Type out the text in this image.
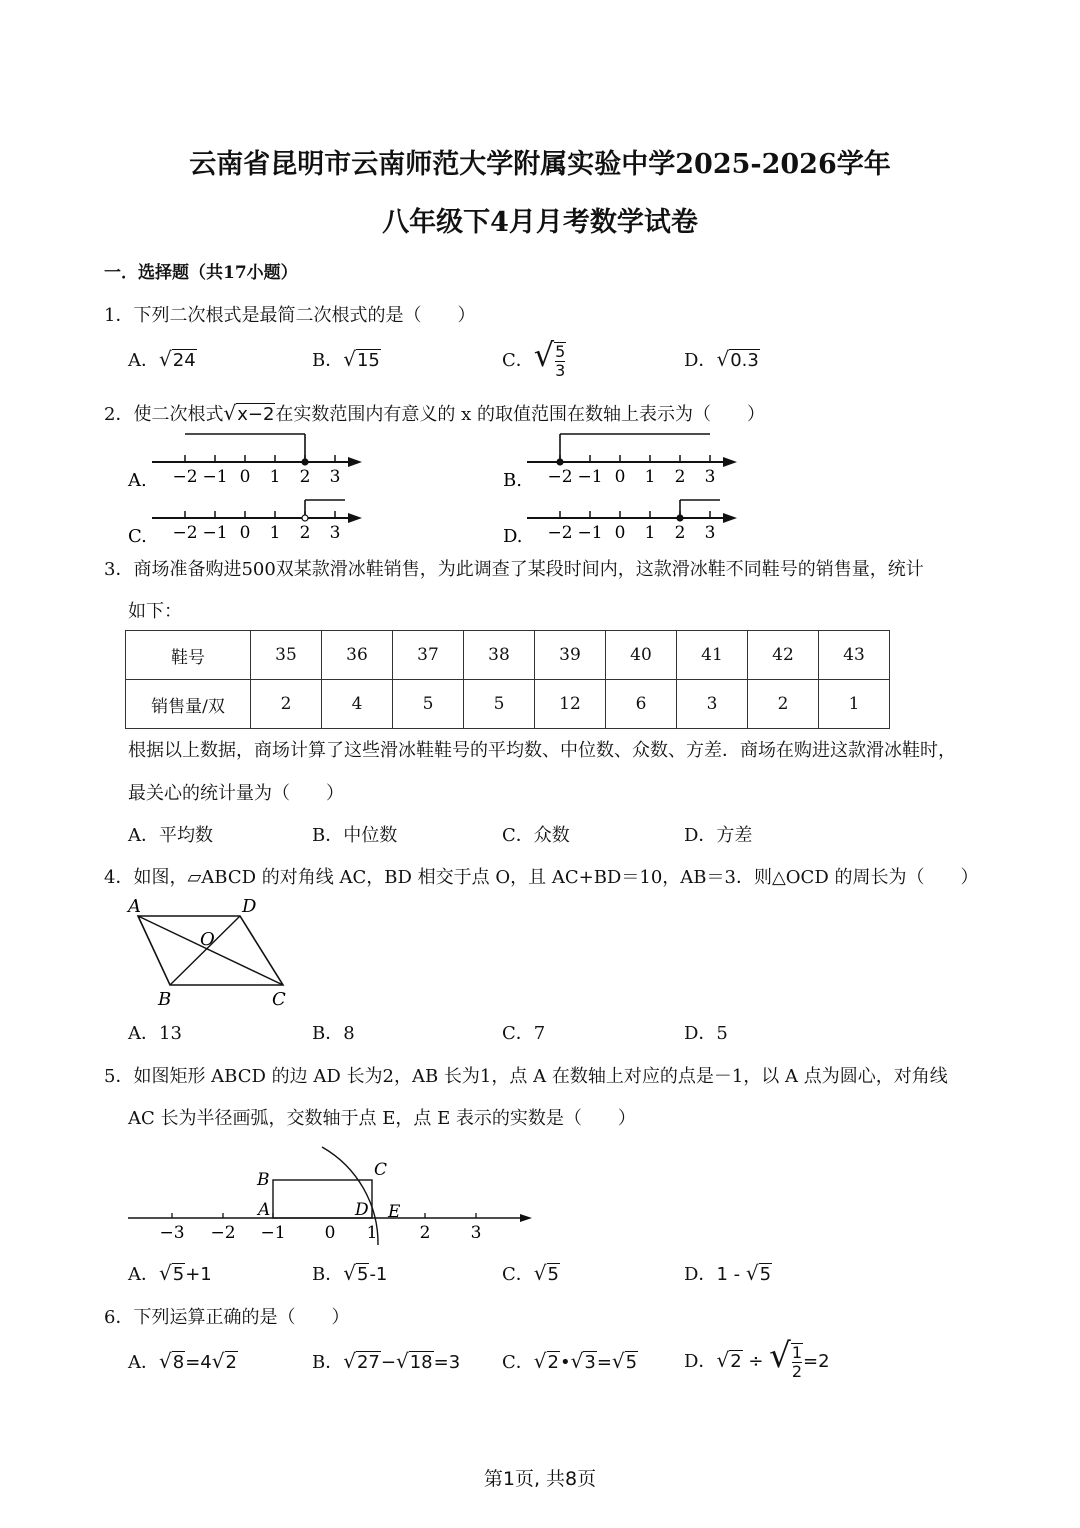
云南省昆明市云南师范大学附属实验中学2025-2026学年
八年级下4月月考数学试卷
一．选择题（共17小题）
1．下列二次根式是最简二次根式的是（　　）
A．√24	B．√15	C．√ $\frac{5}{3}$	D．√0.3
2．使二次根式√x−2在实数范围内有意义的 x 的取值范围在数轴上表示为（　　）
A. −2 −1 0 1 2 3	B. −2 −1 0 1 2 3
C. −2 −1 0 1 2 3	D. −2 −1 0 1 2 3
3．商场准备购进500双某款滑冰鞋销售，为此调查了某段时间内，这款滑冰鞋不同鞋号的销售量，统计
如下：
鞋号	35	36	37	38	39	40	41	42	43
销售量/双	2	4	5	5	12	6	3	2	1
根据以上数据，商场计算了这些滑冰鞋鞋号的平均数、中位数、众数、方差．商场在购进这款滑冰鞋时，
最关心的统计量为（　　）
A．平均数	B．中位数	C．众数	D．方差
4．如图，▱ABCD 的对角线 AC，BD 相交于点 O，且 AC+BD＝10，AB＝3．则△OCD 的周长为（　　）
A	D
O
B	C
A．13	B．8	C．7	D．5
5．如图矩形 ABCD 的边 AD 长为2，AB 长为1，点 A 在数轴上对应的点是－1，以 A 点为圆心，对角线
AC 长为半径画弧，交数轴于点 E，点 E 表示的实数是（　　）
B
A
C
D E
−3 −2 −1 0 1 2 3
A．√5+1	B．√5-1	C．√5	D．1 - √5
6．下列运算正确的是（　　）
A．√8=4√2	B．√27−√18=3 C．√2•√3=√5	D．√2 ÷ √ $\frac{1}{2} =2$
第1页, 共8页
